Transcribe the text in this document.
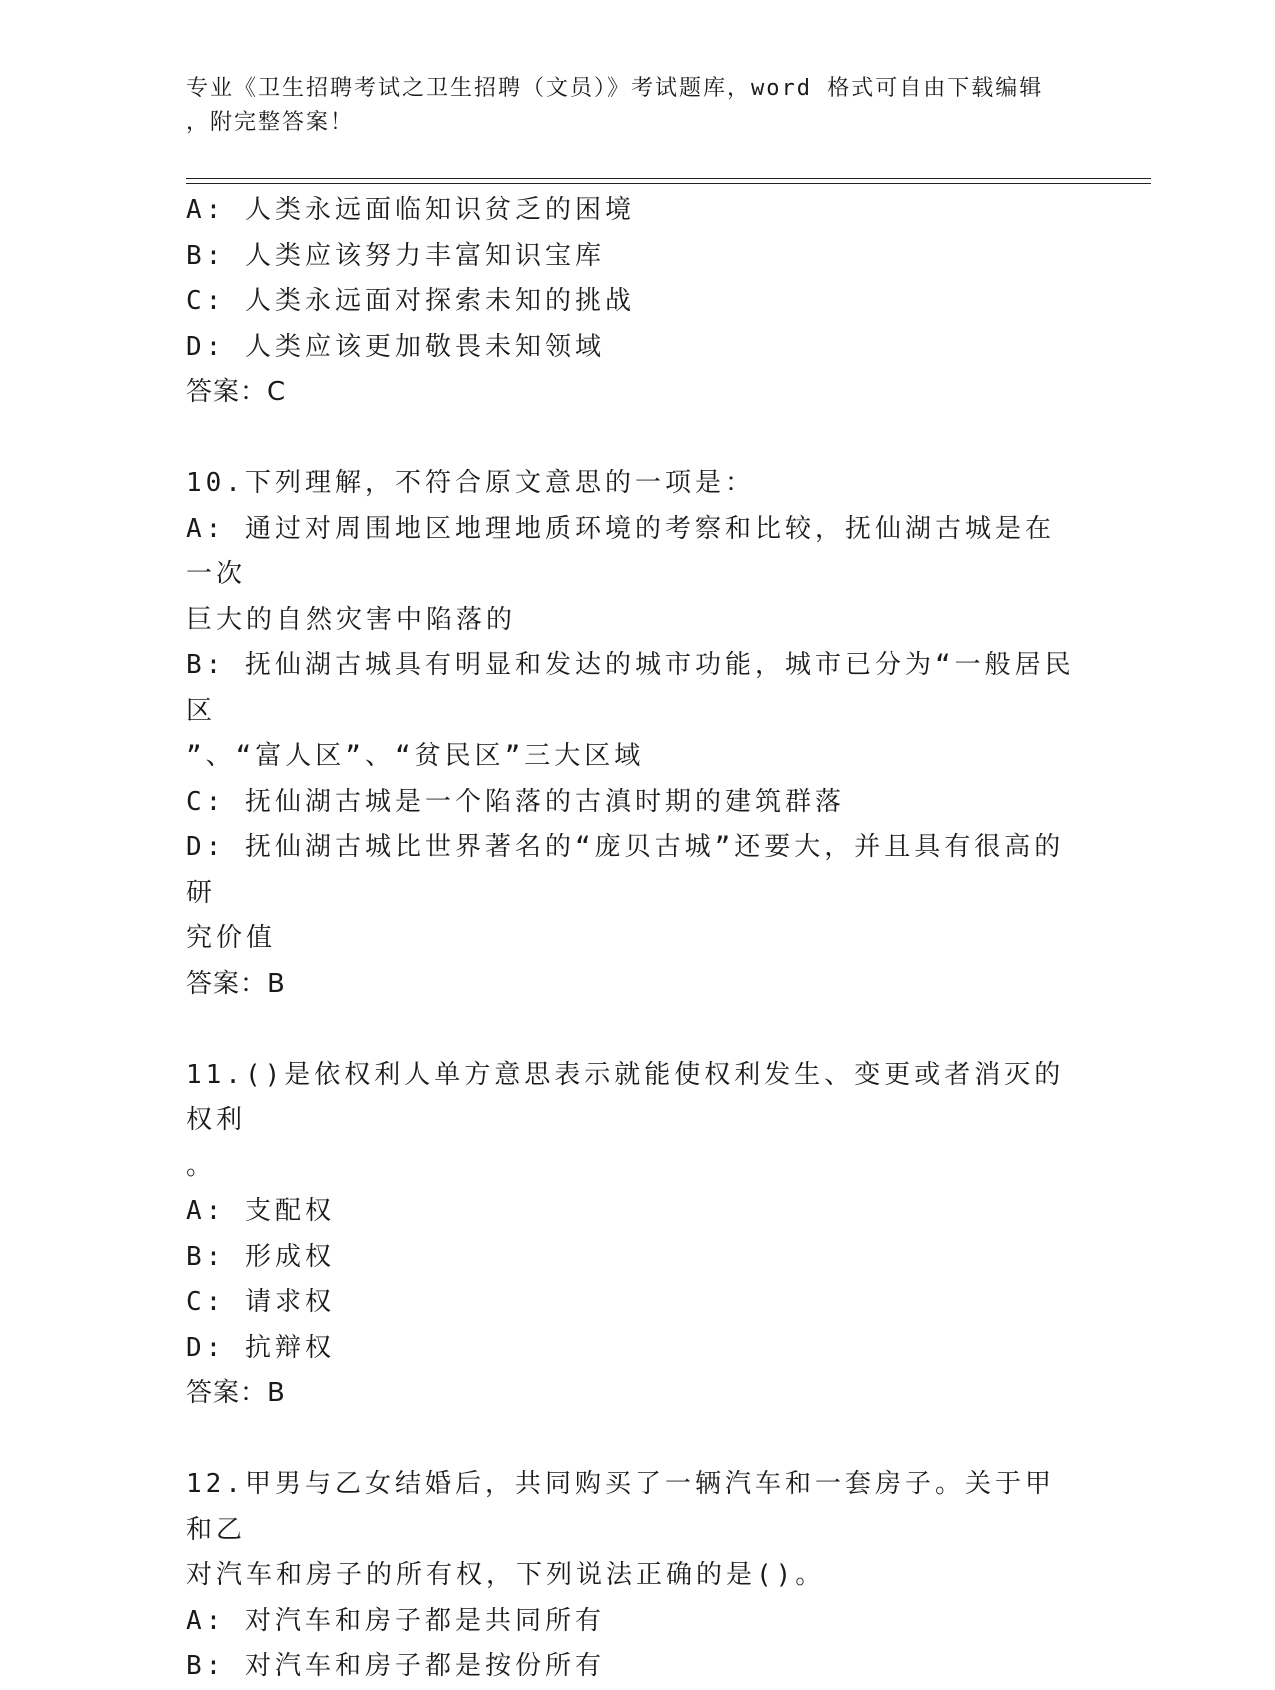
专业《卫生招聘考试之卫生招聘（文员）》考试题库，word 格式可自由下载编辑
，附完整答案！
A: 人类永远面临知识贫乏的困境
B: 人类应该努力丰富知识宝库
C: 人类永远面对探索未知的挑战
D: 人类应该更加敬畏未知领域
答案：C
10.下列理解，不符合原文意思的一项是：
A: 通过对周围地区地理地质环境的考察和比较，抚仙湖古城是在一次
巨大的自然灾害中陷落的
B: 抚仙湖古城具有明显和发达的城市功能，城市已分为“一般居民区
”、“富人区”、“贫民区”三大区域
C: 抚仙湖古城是一个陷落的古滇时期的建筑群落
D: 抚仙湖古城比世界著名的“庞贝古城”还要大，并且具有很高的研
究价值
答案：B
11.()是依权利人单方意思表示就能使权利发生、变更或者消灭的权利
。
A: 支配权
B: 形成权
C: 请求权
D: 抗辩权
答案：B
12.甲男与乙女结婚后，共同购买了一辆汽车和一套房子。关于甲和乙
对汽车和房子的所有权，下列说法正确的是()。
A: 对汽车和房子都是共同所有
B: 对汽车和房子都是按份所有
